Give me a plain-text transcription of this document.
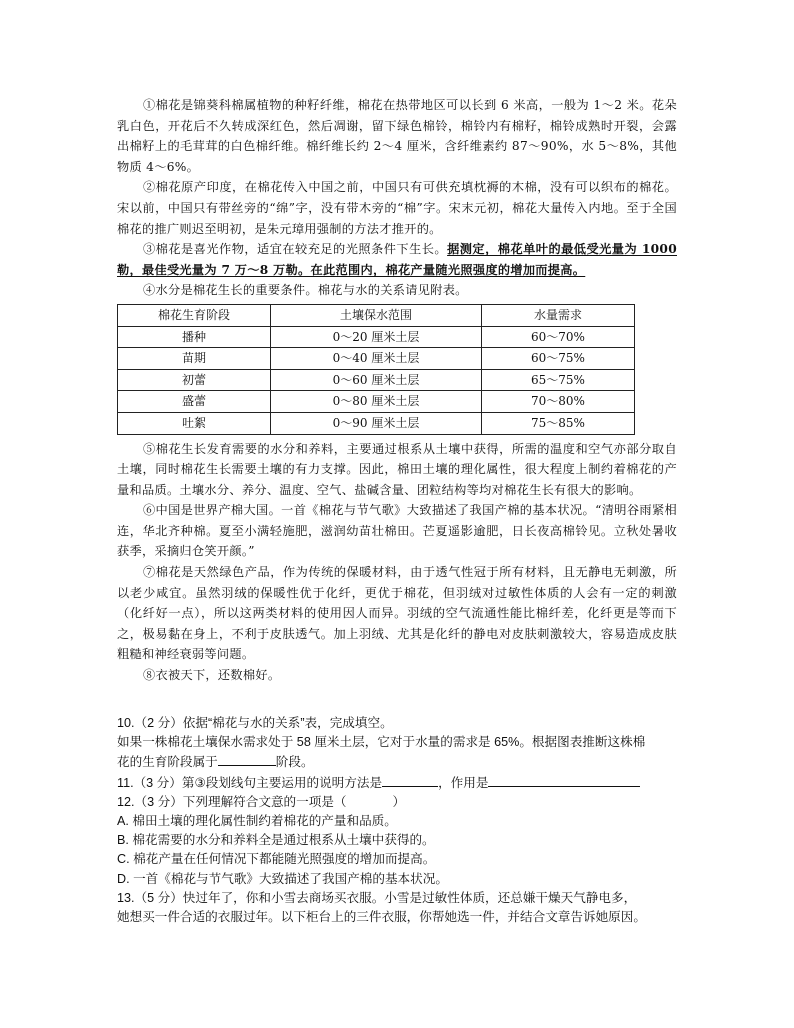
①棉花是锦葵科棉属植物的种籽纤维，棉花在热带地区可以长到 6 米高，一般为 1～2 米。花朵乳白色，开花后不久转成深红色，然后凋谢，留下绿色棉铃，棉铃内有棉籽，棉铃成熟时开裂，会露出棉籽上的毛茸茸的白色棉纤维。棉纤维长约 2～4 厘米，含纤维素约 87～90%，水 5～8%，其他物质 4～6%。

②棉花原产印度，在棉花传入中国之前，中国只有可供充填枕褥的木棉，没有可以织布的棉花。宋以前，中国只有带丝旁的“绵”字，没有带木旁的“棉”字。宋末元初，棉花大量传入内地。至于全国棉花的推广则迟至明初，是朱元璋用强制的方法才推开的。

③棉花是喜光作物，适宜在较充足的光照条件下生长。据测定，棉花单叶的最低受光量为 1000 勒，最佳受光量为 7 万～8 万勒。在此范围内，棉花产量随光照强度的增加而提高。

④水分是棉花生长的重要条件。棉花与水的关系请见附表。

棉花生育阶段	土壤保水范围	水量需求
播种	0～20 厘米土层	60～70%
苗期	0～40 厘米土层	60～75%
初蕾	0～60 厘米土层	65～75%
盛蕾	0～80 厘米土层	70～80%
吐絮	0～90 厘米土层	75～85%

⑤棉花生长发育需要的水分和养料，主要通过根系从土壤中获得，所需的温度和空气亦部分取自土壤，同时棉花生长需要土壤的有力支撑。因此，棉田土壤的理化属性，很大程度上制约着棉花的产量和品质。土壤水分、养分、温度、空气、盐碱含量、团粒结构等均对棉花生长有很大的影响。

⑥中国是世界产棉大国。一首《棉花与节气歌》大致描述了我国产棉的基本状况。“清明谷雨紧相连，华北齐种棉。夏至小满轻施肥，滋润幼苗壮棉田。芒夏遥影逾肥，日长夜高棉铃见。立秋处暑收获季，采摘归仓笑开颜。”

⑦棉花是天然绿色产品，作为传统的保暖材料，由于透气性冠于所有材料，且无静电无刺激，所以老少咸宜。虽然羽绒的保暖性优于化纤，更优于棉花，但羽绒对过敏性体质的人会有一定的刺激（化纤好一点），所以这两类材料的使用因人而异。羽绒的空气流通性能比棉纤差，化纤更是等而下之，极易黏在身上，不利于皮肤透气。加上羽绒、尤其是化纤的静电对皮肤刺激较大，容易造成皮肤粗糙和神经衰弱等问题。

⑧衣被天下，还数棉好。

10.（2 分）依据“棉花与水的关系”表，完成填空。

如果一株棉花土壤保水需求处于 58 厘米土层，它对于水量的需求是 65%。根据图表推断这株棉

花的生育阶段属于	阶段。

11.（3 分）第③段划线句主要运用的说明方法是	，作用是

12.（3 分）下列理解符合文意的一项是（	）

A. 棉田土壤的理化属性制约着棉花的产量和品质。

B. 棉花需要的水分和养料全是通过根系从土壤中获得的。

C. 棉花产量在任何情况下都能随光照强度的增加而提高。

D. 一首《棉花与节气歌》大致描述了我国产棉的基本状况。

13.（5 分）快过年了，你和小雪去商场买衣服。小雪是过敏性体质，还总嫌干燥天气静电多，

她想买一件合适的衣服过年。以下柜台上的三件衣服，你帮她选一件，并结合文章告诉她原因。
